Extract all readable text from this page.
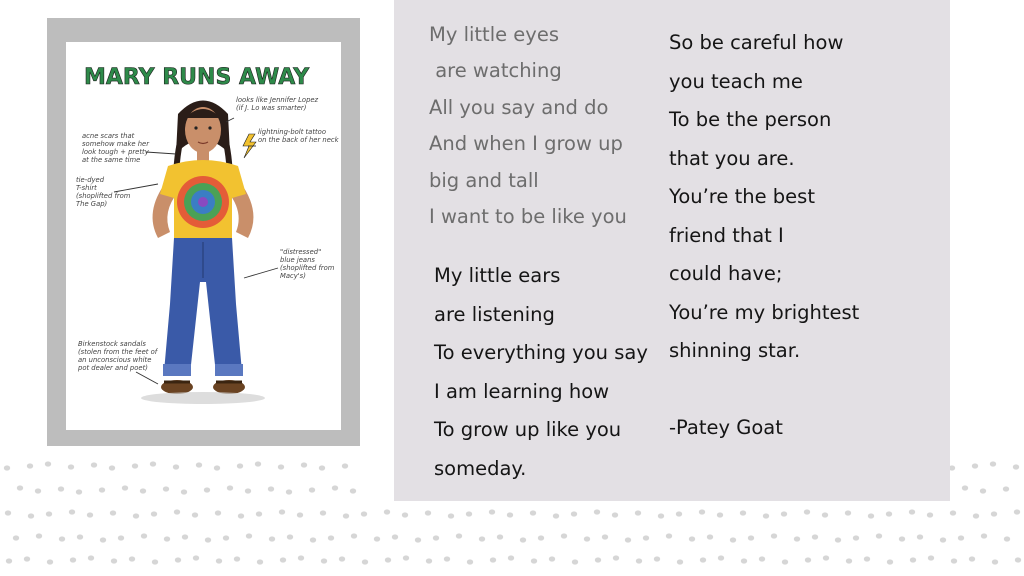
MARY RUNS AWAY
looks like Jennifer Lopez (if J. Lo was smarter)
acne scars that somehow make her look tough + pretty at the same time
lightning-bolt tattoo on the back of her neck
tie-dyed T-shirt (shoplifted from The Gap)
"distressed" blue jeans (shoplifted from Macy's)
Birkenstock sandals (stolen from the feet of an unconscious white pot dealer and poet)
My little eyes
are watching
All you say and do
And when I grow up
big and tall
I want to be like you
My little ears
are listening
To everything you say
I am learning how
To grow up like you
someday.
So be careful how
you teach me
To be the person
that you are.
You’re the best
friend that I
could have;
You’re my brightest
shinning star.
-Patey Goat
